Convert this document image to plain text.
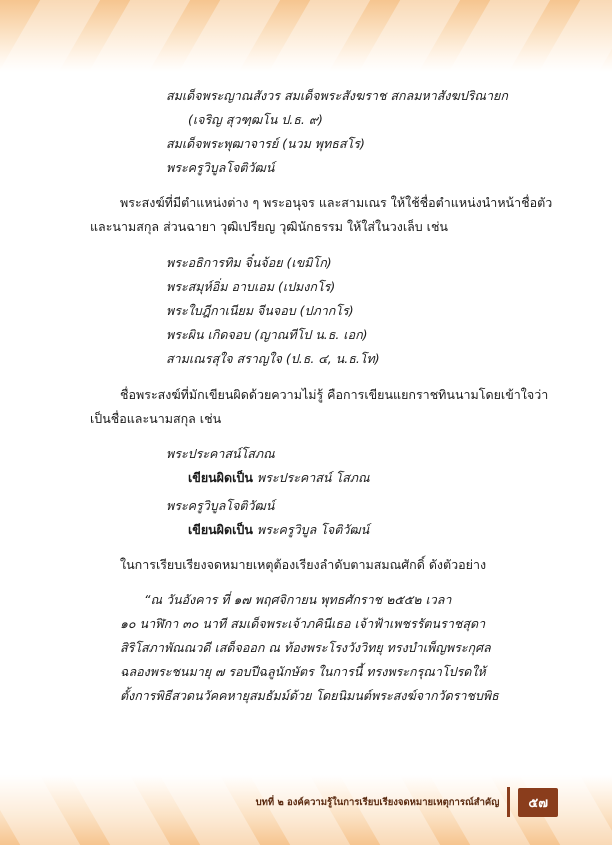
สมเด็จพระญาณสังวร สมเด็จพระสังฆราช สกลมหาสังฆปริณายก
(เจริญ สุวฑฺฒโน ป.ธ. ๙)
สมเด็จพระพุฒาจารย์ (นวม พุทธสโร)
พระครูวิบูลโจติวัฒน์
พระสงฆ์ที่มีตำแหน่งต่าง ๆ พระอนุจร และสามเณร ให้ใช้ชื่อตำแหน่งนำหน้าชื่อตัว
และนามสกุล ส่วนฉายา วุฒิเปรียญ วุฒินักธรรม ให้ใส่ในวงเล็บ เช่น
พระอธิการทิม จิ๋นจ้อย (เขมิโก)
พระสมุห์อิ่ม อาบเอม (เปมงกโร)
พระใบฎีกาเนียม จีนจอบ (ปภากโร)
พระผิน เกิดจอบ (ญาณทีโป น.ธ. เอก)
สามเณรสุใจ สราญใจ (ป.ธ. ๔, น.ธ.โท)
ชื่อพระสงฆ์ที่มักเขียนผิดด้วยความไม่รู้ คือการเขียนแยกราชทินนามโดยเข้าใจว่า
เป็นชื่อและนามสกุล เช่น
พระประคาสน์โสภณ
เขียนผิดเป็น พระประคาสน์ โสภณ
พระครูวิบูลโจติวัฒน์
เขียนผิดเป็น พระครูวิบูล โจติวัฒน์
ในการเรียบเรียงจดหมายเหตุต้องเรียงลำดับตามสมณศักดิ์ ดังตัวอย่าง
“ณ วันอังคาร ที่ ๑๗ พฤศจิกายน พุทธศักราช ๒๕๕๒ เวลา
๑๐ นาฬิกา ๓๐ นาที สมเด็จพระเจ้าภคินีเธอ เจ้าฟ้าเพชรรัตนราชสุดา
สิริโสภาพัณณวดี เสด็จออก ณ ท้องพระโรงวังวิทยุ ทรงบำเพ็ญพระกุศล
ฉลองพระชนมายุ ๗ รอบปีฉลูนักษัตร ในการนี้ ทรงพระกรุณาโปรดให้
ตั้งการพิธีสวดนวัคคหายุสมธัมม์ด้วย โดยนิมนต์พระสงฆ์จากวัดราชบพิธ
บทที่ ๒ องค์ความรู้ในการเรียบเรียงจดหมายเหตุการณ์สำคัญ	๕๗
